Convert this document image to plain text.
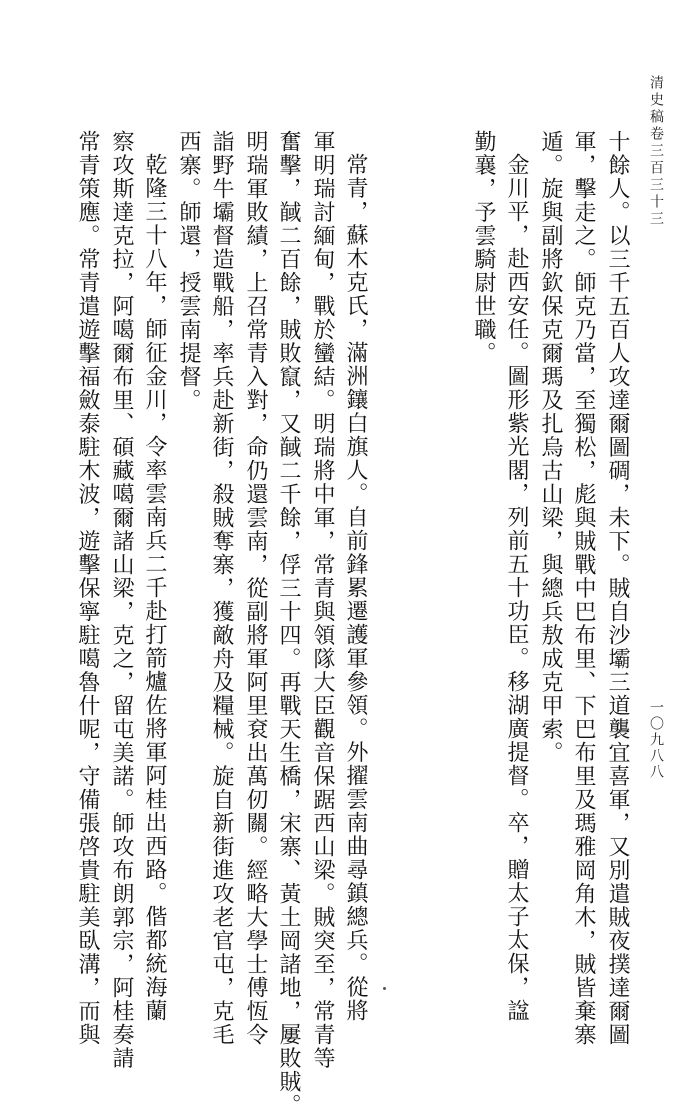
清史稿卷三百三十三
一〇九八八
十餘人。以三千五百人攻達爾圖碉，未下。賊自沙壩三道襲宜喜軍，又別遣賊夜撲達爾圖
軍，擊走之。師克乃當，至獨松，彪與賊戰中巴布里、下巴布里及瑪雅岡角木，賊皆棄寨
遁。旋與副將欽保克爾瑪及扎烏古山梁，與總兵敖成克甲索。
金川平，赴西安任。圖形紫光閣，列前五十功臣。移湖廣提督。卒，贈太子太保，諡
勤襄，予雲騎尉世職。
常青，蘇木克氏，滿洲鑲白旗人。自前鋒累遷護軍參領。外擢雲南曲尋鎮總兵。從將
軍明瑞討緬甸，戰於蠻結。明瑞將中軍，常青與領隊大臣觀音保踞西山梁。賊突至，常青等
奮擊，馘二百餘，賊敗竄，又馘二千餘，俘三十四。再戰天生橋，宋寨、黃土岡諸地，屢敗賊。
明瑞軍敗績，上召常青入對，命仍還雲南，從副將軍阿里袞出萬仞關。經略大學士傅恆令
詣野牛壩督造戰船，率兵赴新街，殺賊奪寨，獲敵舟及糧械。旋自新街進攻老官屯，克毛
西寨。師還，授雲南提督。
乾隆三十八年，師征金川，令率雲南兵二千赴打箭爐佐將軍阿桂出西路。偕都統海蘭
察攻斯達克拉，阿噶爾布里、碩藏噶爾諸山梁，克之，留屯美諾。師攻布朗郭宗，阿桂奏請
常青策應。常青遣遊擊福斂泰駐木波，遊擊保寧駐噶魯什呢，守備張啓貴駐美臥溝，而與
